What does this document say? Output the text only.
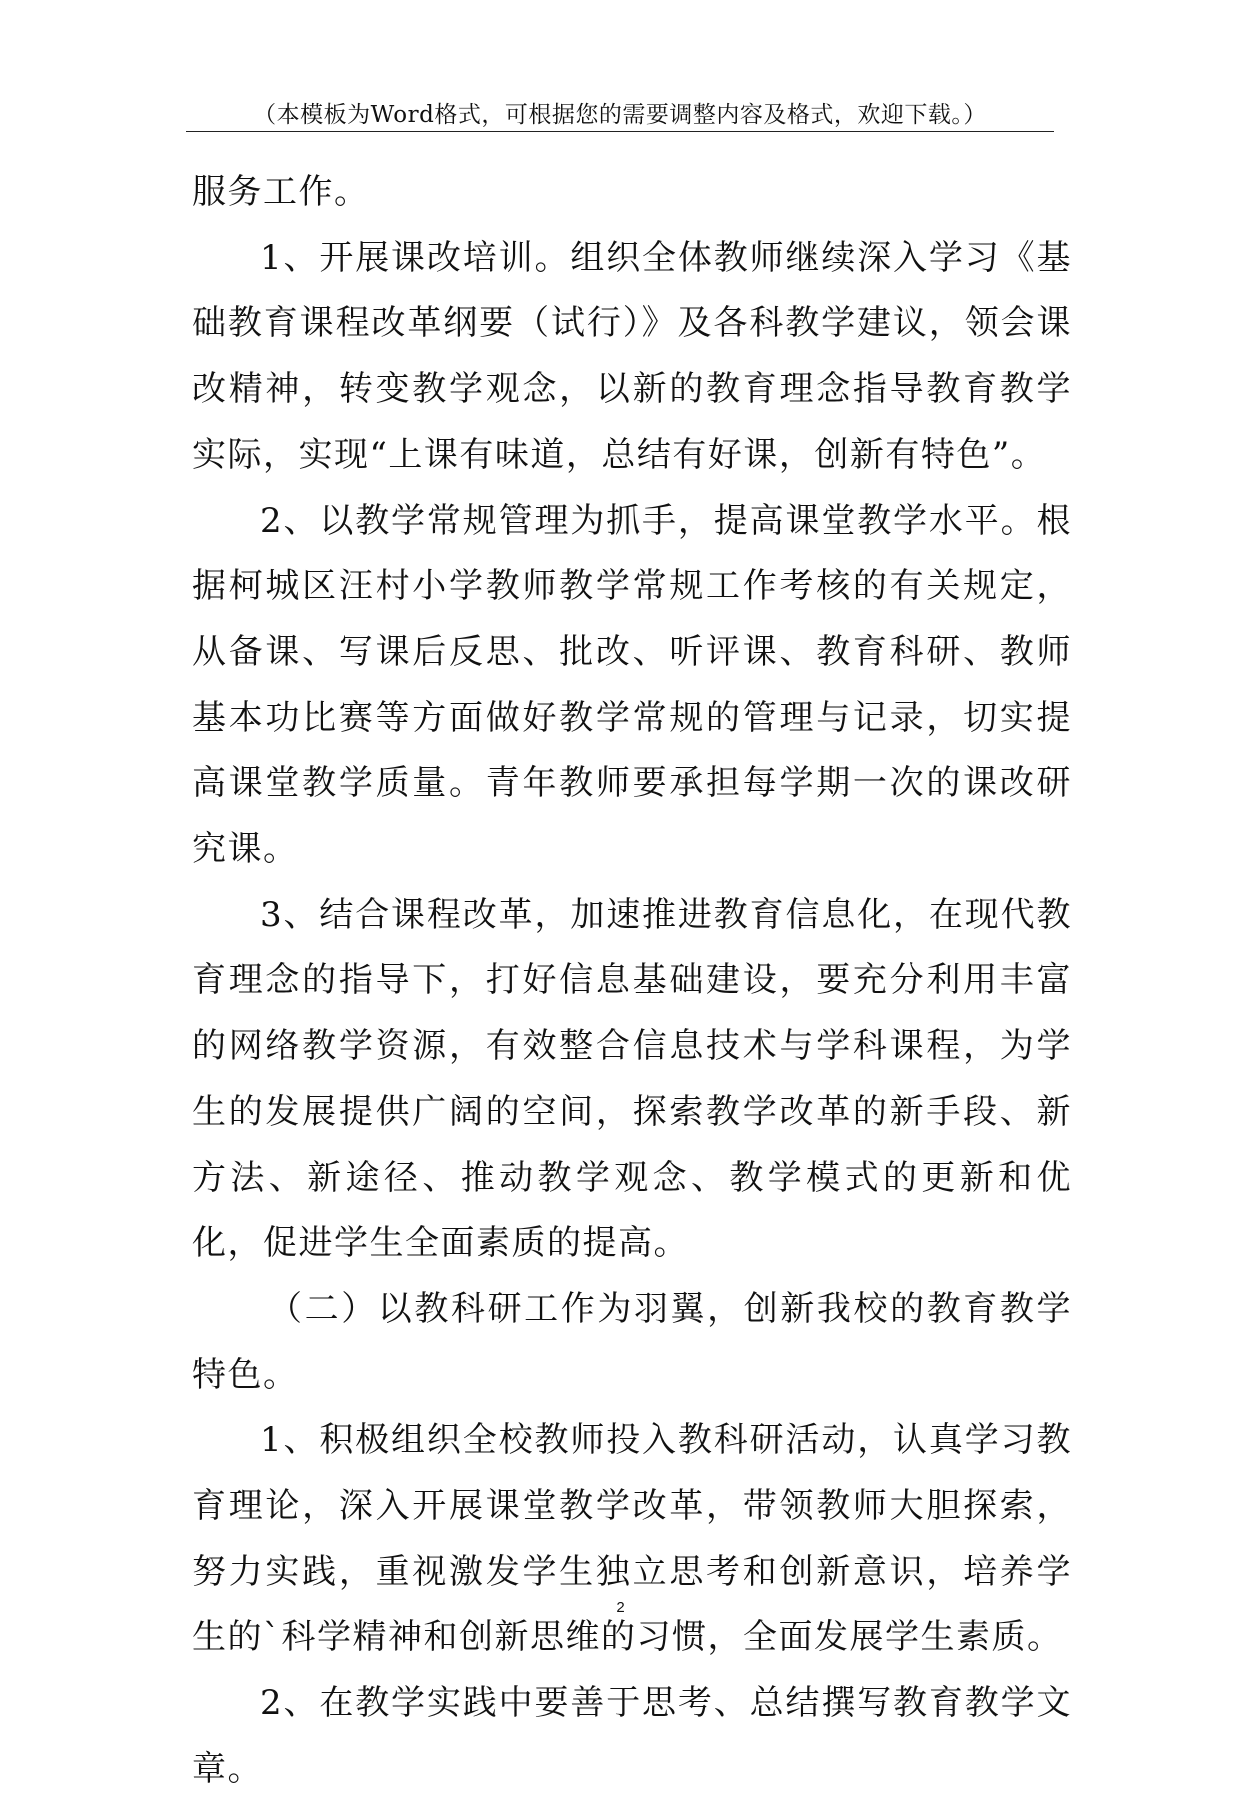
（本模板为Word格式，可根据您的需要调整内容及格式，欢迎下载。）

服务工作。

1、开展课改培训。组织全体教师继续深入学习《基础教育课程改革纲要（试行）》及各科教学建议，领会课改精神，转变教学观念，以新的教育理念指导教育教学实际，实现“上课有味道，总结有好课，创新有特色”。

2、以教学常规管理为抓手，提高课堂教学水平。根据柯城区汪村小学教师教学常规工作考核的有关规定，从备课、写课后反思、批改、听评课、教育科研、教师基本功比赛等方面做好教学常规的管理与记录，切实提高课堂教学质量。青年教师要承担每学期一次的课改研究课。

3、结合课程改革，加速推进教育信息化，在现代教育理念的指导下，打好信息基础建设，要充分利用丰富的网络教学资源，有效整合信息技术与学科课程，为学生的发展提供广阔的空间，探索教学改革的新手段、新方法、新途径、推动教学观念、教学模式的更新和优化，促进学生全面素质的提高。

（二）以教科研工作为羽翼，创新我校的教育教学特色。

1、积极组织全校教师投入教科研活动，认真学习教育理论，深入开展课堂教学改革，带领教师大胆探索，努力实践，重视激发学生独立思考和创新意识，培养学生的`科学精神和创新思维的习惯，全面发展学生素质。

2、在教学实践中要善于思考、总结撰写教育教学文章。

2
